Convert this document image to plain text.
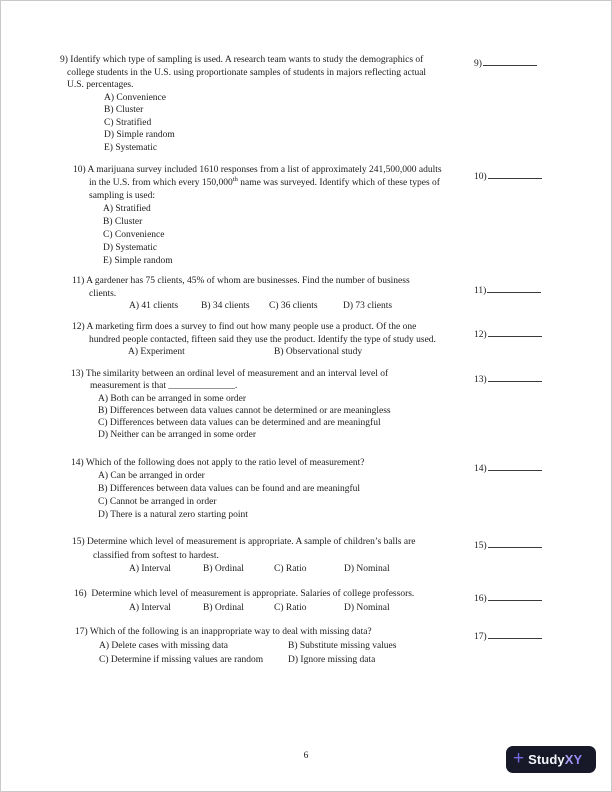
9) Identify which type of sampling is used. A research team wants to study the demographics of
college students in the U.S. using proportionate samples of students in majors reflecting actual
U.S. percentages.
A) Convenience
B) Cluster
C) Stratified
D) Simple random
E) Systematic
9)
10) A marijuana survey included 1610 responses from a list of approximately 241,500,000 adults
in the U.S. from which every 150,000th name was surveyed. Identify which of these types of
sampling is used:
A) Stratified
B) Cluster
C) Convenience
D) Systematic
E) Simple random
10)
11) A gardener has 75 clients, 45% of whom are businesses. Find the number of business
clients.
A) 41 clients B) 34 clients C) 36 clients	D) 73 clients
11)
12) A marketing firm does a survey to find out how many people use a product. Of the one
hundred people contacted, fifteen said they use the product. Identify the type of study used.
A) Experiment	B) Observational study
12)
13) The similarity between an ordinal level of measurement and an interval level of
measurement is that ______________.
A) Both can be arranged in some order
B) Differences between data values cannot be determined or are meaningless
C) Differences between data values can be determined and are meaningful
D) Neither can be arranged in some order
13)
14) Which of the following does not apply to the ratio level of measurement?
A) Can be arranged in order
B) Differences between data values can be found and are meaningful
C) Cannot be arranged in order
D) There is a natural zero starting point
14)
15) Determine which level of measurement is appropriate. A sample of children’s balls are
classified from softest to hardest.
A) Interval	B) Ordinal	C) Ratio	D) Nominal
15)
16) Determine which level of measurement is appropriate. Salaries of college professors.
A) Interval	B) Ordinal	C) Ratio	D) Nominal
16)
17) Which of the following is an inappropriate way to deal with missing data?
A) Delete cases with missing data	B) Substitute missing values
C) Determine if missing values are random	D) Ignore missing data
17)
6	+ StudyXY
